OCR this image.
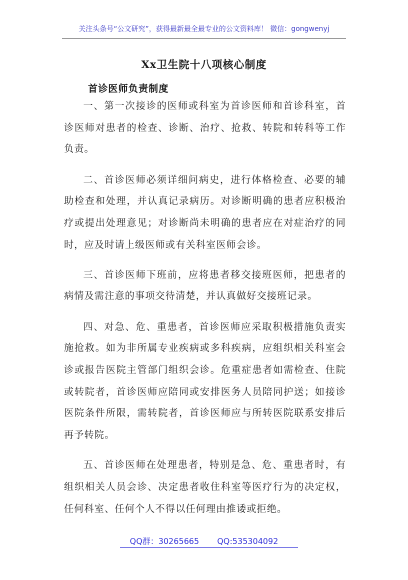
关注头条号“公文研究”，获得最新最全最专业的公文资料库！ 微信：gongwenyj
Xx卫生院十八项核心制度
首诊医师负责制度

一、第一次接诊的医师或科室为首诊医师和首诊科室，首诊医师对患者的检查、诊断、治疗、抢救、转院和转科等工作负责。

二、首诊医师必须详细问病史，进行体格检查、必要的辅助检查和处理，并认真记录病历。对诊断明确的患者应积极治疗或提出处理意见；对诊断尚未明确的患者应在对症治疗的同时，应及时请上级医师或有关科室医师会诊。

三、首诊医师下班前，应将患者移交接班医师，把患者的病情及需注意的事项交待清楚，并认真做好交接班记录。

四、对急、危、重患者，首诊医师应采取积极措施负责实施抢救。如为非所属专业疾病或多科疾病，应组织相关科室会诊或报告医院主管部门组织会诊。危重症患者如需检查、住院或转院者，首诊医师应陪同或安排医务人员陪同护送；如接诊医院条件所限，需转院者，首诊医师应与所转医院联系安排后再予转院。

五、首诊医师在处理患者，特别是急、危、重患者时，有组织相关人员会诊、决定患者收住科室等医疗行为的决定权，任何科室、任何个人不得以任何理由推诿或拒绝。

QQ群：30265665 QQ:535304092
